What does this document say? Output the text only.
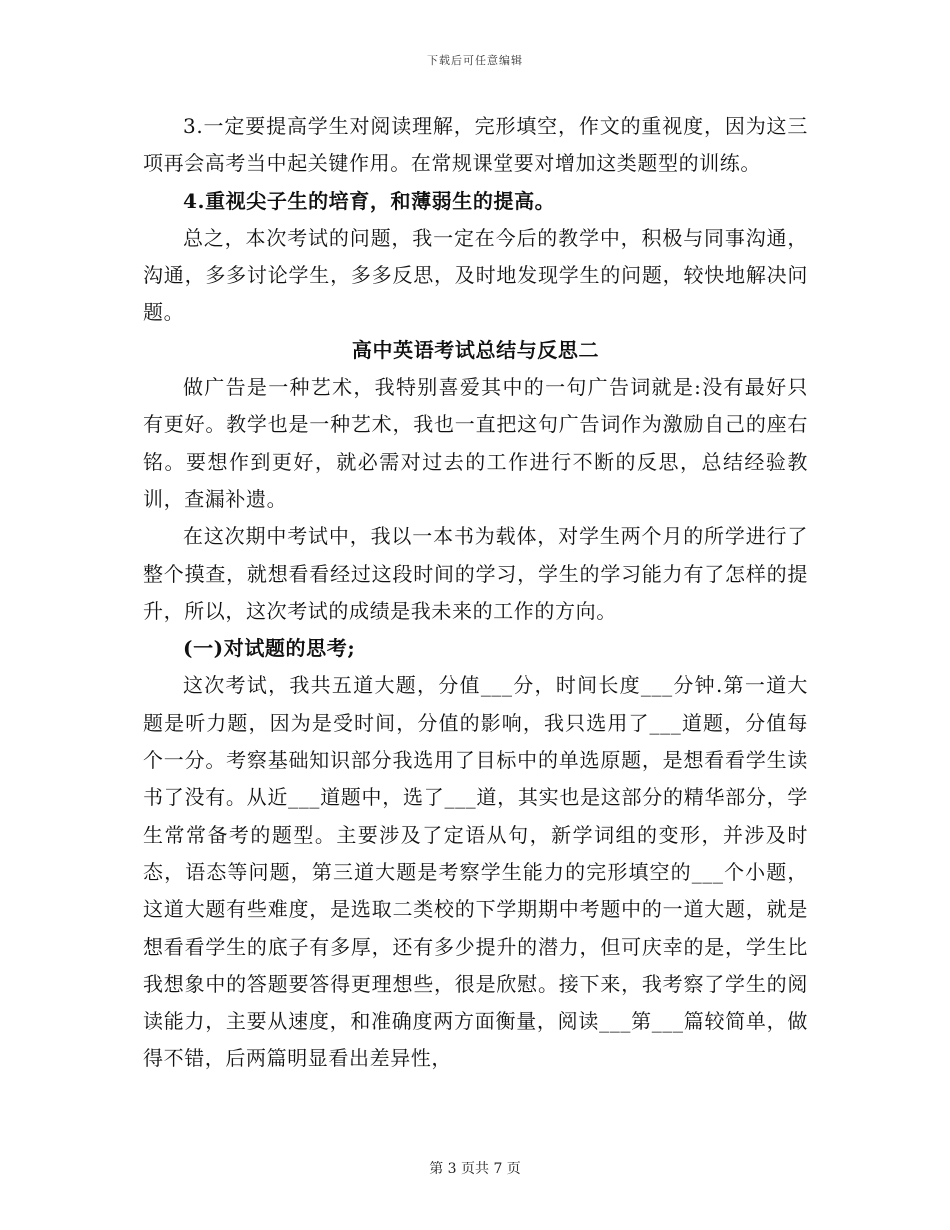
下载后可任意编辑

3.一定要提高学生对阅读理解，完形填空，作文的重视度，因为这三项再会高考当中起关键作用。在常规课堂要对增加这类题型的训练。

4.重视尖子生的培育，和薄弱生的提高。

总之，本次考试的问题，我一定在今后的教学中，积极与同事沟通，沟通，多多讨论学生，多多反思，及时地发现学生的问题，较快地解决问题。

高中英语考试总结与反思二

做广告是一种艺术，我特别喜爱其中的一句广告词就是:没有最好只有更好。教学也是一种艺术，我也一直把这句广告词作为激励自己的座右铭。要想作到更好，就必需对过去的工作进行不断的反思，总结经验教训，查漏补遗。

在这次期中考试中，我以一本书为载体，对学生两个月的所学进行了整个摸查，就想看看经过这段时间的学习，学生的学习能力有了怎样的提升，所以，这次考试的成绩是我未来的工作的方向。

(一)对试题的思考;

这次考试，我共五道大题，分值___分，时间长度___分钟.第一道大题是听力题，因为是受时间，分值的影响，我只选用了___道题，分值每个一分。考察基础知识部分我选用了目标中的单选原题，是想看看学生读书了没有。从近___道题中，选了___道，其实也是这部分的精华部分，学生常常备考的题型。主要涉及了定语从句，新学词组的变形，并涉及时态，语态等问题，第三道大题是考察学生能力的完形填空的___个小题，这道大题有些难度，是选取二类校的下学期期中考题中的一道大题，就是想看看学生的底子有多厚，还有多少提升的潜力，但可庆幸的是，学生比我想象中的答题要答得更理想些，很是欣慰。接下来，我考察了学生的阅读能力，主要从速度，和准确度两方面衡量，阅读___第___篇较简单，做得不错，后两篇明显看出差异性，

第 3 页共 7 页
